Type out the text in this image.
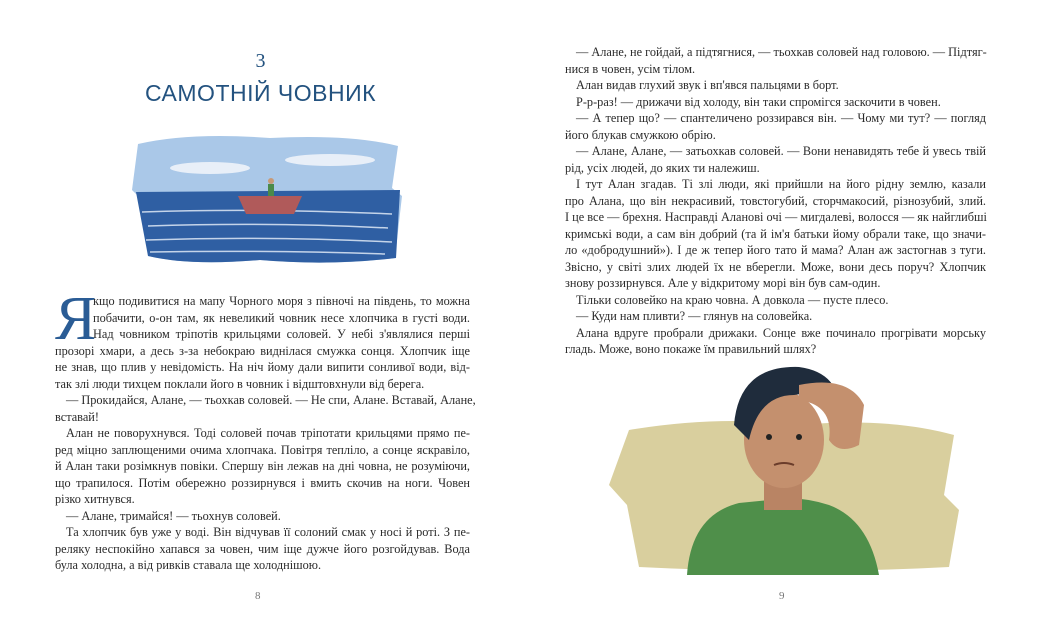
3
САМОТНІЙ ЧОВНИК
Я
кщо подивитися на мапу Чорного моря з півночі на південь, то можна
побачити, о-он там, як невеликий човник несе хлопчика в густі води.
Над човником тріпотів крильцями соловей. У небі з'являлися перші
прозорі хмари, а десь з-за небокраю виднілася смужка сонця. Хлопчик іще
не знав, що плив у невідомість. На ніч йому дали випити сонливої води, від-
так злі люди тихцем поклали його в човник і відштовхнули від берега.
— Прокидайся, Алане, — тьохкав соловей. — Не спи, Алане. Вставай, Алане,
вставай!
Алан не поворухнувся. Тоді соловей почав тріпотати крильцями прямо пе-
ред міцно заплющеними очима хлопчака. Повітря тепліло, а сонце яскравіло,
й Алан таки розімкнув повіки. Спершу він лежав на дні човна, не розуміючи,
що трапилося. Потім обережно роззирнувся і вмить скочив на ноги. Човен
різко хитнувся.
— Алане, тримайся! — тьохнув соловей.
Та хлопчик був уже у воді. Він відчував її солоний смак у носі й роті. З пе-
реляку неспокійно хапався за човен, чим іще дужче його розгойдував. Вода
була холодна, а від ривків ставала ще холоднішою.
8
— Алане, не гойдай, а підтягнися, — тьохкав соловей над головою. — Підтяг-
нися в човен, усім тілом.
Алан видав глухий звук і вп'явся пальцями в борт.
Р-р-раз! — дрижачи від холоду, він таки спромігся заскочити в човен.
— А тепер що? — спантеличено роззирався він. — Чому ми тут? — погляд
його блукав смужкою обрію.
— Алане, Алане, — затьохкав соловей. — Вони ненавидять тебе й увесь твій
рід, усіх людей, до яких ти належиш.
І тут Алан згадав. Ті злі люди, які прийшли на його рідну землю, казали
про Алана, що він некрасивий, товстогубий, сторчмакосий, різнозубий, злий.
І це все — брехня. Насправді Аланові очі — мигдалеві, волосся — як найглибші
кримські води, а сам він добрий (та й ім'я батьки йому обрали таке, що значи-
ло «добродушний»). І де ж тепер його тато й мама? Алан аж застогнав з туги.
Звісно, у світі злих людей їх не вберегли. Може, вони десь поруч? Хлопчик
знову роззирнувся. Але у відкритому морі він був сам-один.
Тільки соловейко на краю човна. А довкола — пусте плесо.
— Куди нам пливти? — глянув на соловейка.
Алана вдруге пробрали дрижаки. Сонце вже починало прогрівати морську
гладь. Може, воно покаже їм правильний шлях?
9
